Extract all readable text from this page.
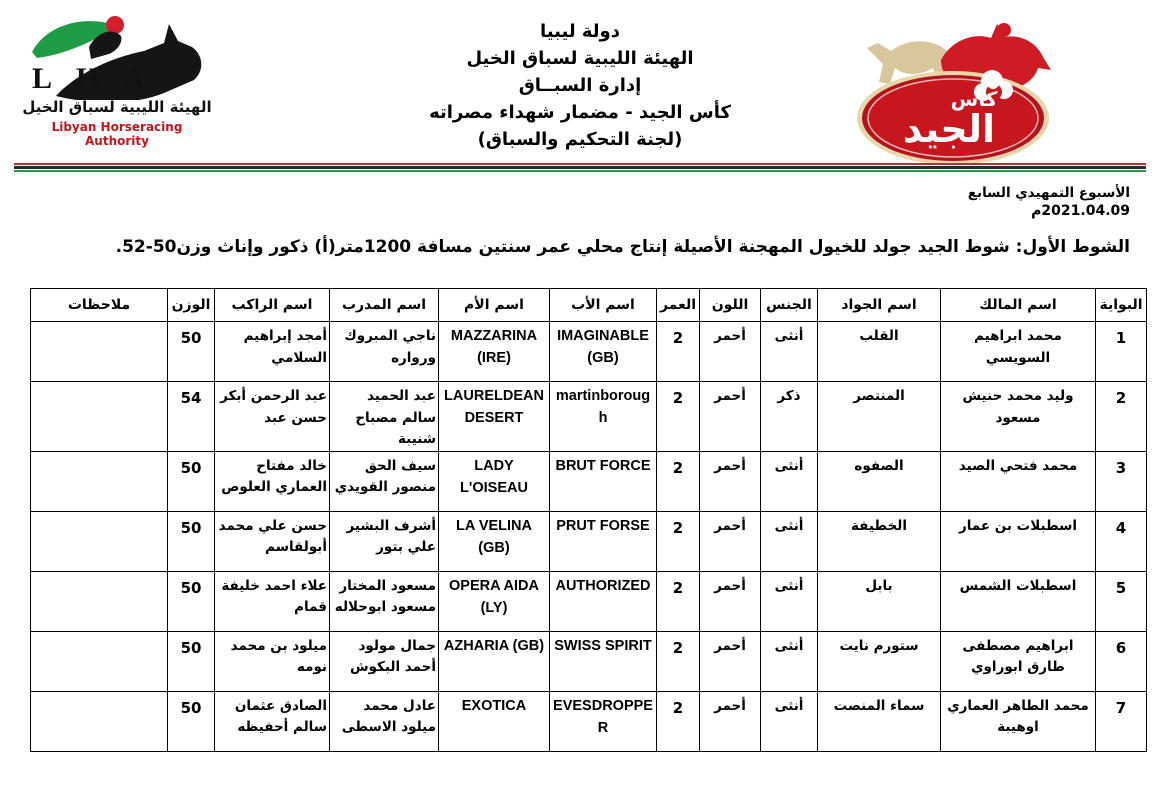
L H A
الهيئة الليبية لسباق الخيل
Libyan Horseracing Authority
دولة ليبيا
الهيئة الليبية لسباق الخيل
إدارة السبــاق
كأس الجيد - مضمار شهداء مصراته
(لجنة التحكيم والسباق)
كأس
الجيد
الأسبوع التمهيدي السابع
2021.04.09م
الشوط الأول: شوط الجيد جولد للخيول المهجنة الأصيلة إنتاج محلي عمر سنتين مسافة 1200متر(أ) ذكور وإناث وزن50-52.
البواية	اسم المالك	اسم الجواد	الجنس	اللون	العمر	اسم الأب	اسم الأم	اسم المدرب	اسم الراكب	الوزن	ملاحظات
1	محمد ابراهيم السويسي	القلب	أنثى	أحمر	2	IMAGINABLE (GB)	MAZZARINA (IRE)	ناجي المبروك ورواره	أمجد إبراهيم السلامي	50	
2	وليد محمد حنيش مسعود	المنتصر	ذكر	أحمر	2	martinborough	LAURELDEAN DESERT	عبد الحميد سالم مصباح شنيبة	عبد الرحمن أبكر حسن عبد	54	
3	محمد فتحي الصيد	الصفوه	أنثى	أحمر	2	BRUT FORCE	LADY L'OISEAU	سيف الحق منصور القويدي	خالد مفتاح العماري العلوص	50	
4	اسطبلات بن عمار	الخطيفة	أنثى	أحمر	2	PRUT FORSE	LA VELINA (GB)	أشرف البشير علي بتور	حسن علي محمد أبولقاسم	50	
5	اسطبلات الشمس	بابل	أنثى	أحمر	2	AUTHORIZED	OPERA AIDA (LY)	مسعود المختار مسعود ابوحلاله	علاء احمد خليفة قمام	50	
6	ابراهيم مصطفى طارق ابوراوي	ستورم نايت	أنثى	أحمر	2	SWISS SPIRIT	AZHARIA (GB)	جمال مولود أحمد البكوش	ميلود بن محمد نومه	50	
7	محمد الطاهر العماري اوهيبة	سماء المنصت	أنثى	أحمر	2	EVESDROPPER	EXOTICA	عادل محمد ميلود الاسطى	الصادق عثمان سالم أحفيظه	50	
